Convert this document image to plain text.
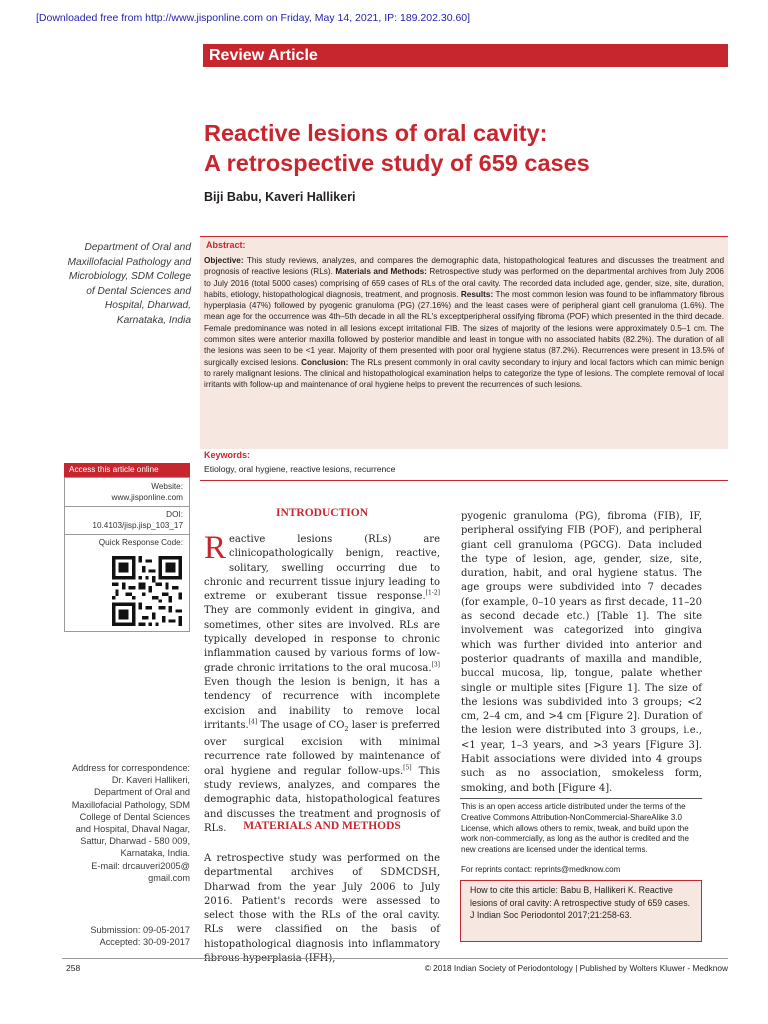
[Downloaded free from http://www.jisponline.com on Friday, May 14, 2021, IP: 189.202.30.60]
Review Article
Reactive lesions of oral cavity:
A retrospective study of 659 cases
Biji Babu, Kaveri Hallikeri
Department of Oral and Maxillofacial Pathology and Microbiology, SDM College of Dental Sciences and Hospital, Dharwad, Karnataka, India
Abstract:
Objective: This study reviews, analyzes, and compares the demographic data, histopathological features and discusses the treatment and prognosis of reactive lesions (RLs). Materials and Methods: Retrospective study was performed on the departmental archives from July 2006 to July 2016 (total 5000 cases) comprising of 659 cases of RLs of the oral cavity. The recorded data included age, gender, size, site, duration, habits, etiology, histopathological diagnosis, treatment, and prognosis. Results: The most common lesion was found to be inflammatory fibrous hyperplasia (47%) followed by pyogenic granuloma (PG) (27.16%) and the least cases were of peripheral giant cell granuloma (1.6%). The mean age for the occurrence was 4th–5th decade in all the RL's exceptperipheral ossifying fibroma (POF) which presented in the third decade. Female predominance was noted in all lesions except irritational FIB. The sizes of majority of the lesions were approximately 0.5–1 cm. The common sites were anterior maxilla followed by posterior mandible and least in tongue with no associated habits (82.2%). The duration of all the lesions was seen to be <1 year. Majority of them presented with poor oral hygiene status (87.2%). Recurrences were present in 13.5% of surgically excised lesions. Conclusion: The RLs present commonly in oral cavity secondary to injury and local factors which can mimic benign to rarely malignant lesions. The clinical and histopathological examination helps to categorize the type of lesions. The complete removal of local irritants with follow-up and maintenance of oral hygiene helps to prevent the recurrences of such lesions.
Keywords:
Etiology, oral hygiene, reactive lesions, recurrence
Access this article online
Website:
www.jisponline.com
DOI:
10.4103/jisp.jisp_103_17
Quick Response Code:
Address for correspondence:
Dr. Kaveri Hallikeri, Department of Oral and Maxillofacial Pathology, SDM College of Dental Sciences and Hospital, Dhaval Nagar, Sattur, Dharwad - 580 009, Karnataka, India.
E-mail: drcauveri2005@ gmail.com
Submission: 09-05-2017
Accepted: 30-09-2017
INTRODUCTION
Reactive lesions (RLs) are clinicopathologically benign, reactive, solitary, swelling occurring due to chronic and recurrent tissue injury leading to extreme or exuberant tissue response.[1-2] They are commonly evident in gingiva, and sometimes, other sites are involved. RLs are typically developed in response to chronic inflammation caused by various forms of low-grade chronic irritations to the oral mucosa.[3] Even though the lesion is benign, it has a tendency of recurrence with incomplete excision and inability to remove local irritants.[4] The usage of $CO_2$ laser is preferred over surgical excision with minimal recurrence rate followed by maintenance of oral hygiene and regular follow-ups.[5] This study reviews, analyzes, and compares the demographic data, histopathological features and discusses the treatment and prognosis of RLs.	MATERIALS AND METHODS
A retrospective study was performed on the departmental archives of SDMCDSH, Dharwad from the year July 2006 to July 2016. Patient's records were assessed to select those with the RLs of the oral cavity. RLs were classified on the basis of histopathological diagnosis into inflammatory
pyogenic granuloma (PG), fibroma (FIB), IF, peripheral ossifying FIB (POF), and peripheral giant cell granuloma (PGCG). Data included the type of lesion, age, gender, size, site, duration, habit, and oral hygiene status. The age groups were subdivided into 7 decades (for example, 0–10 years as first decade, 11–20 as second decade etc.) [Table 1]. The site involvement was categorized into gingiva which was further divided into anterior and posterior quadrants of maxilla and mandible, buccal mucosa, lip, tongue, palate whether single or multiple sites [Figure 1]. The size of the lesions was subdivided into 3 groups; <2 cm, 2–4 cm, and >4 cm [Figure 2]. Duration of the lesion were distributed into 3 groups, i.e., <1 year, 1–3 years, and >3 years [Figure 3]. Habit associations were divided into 4 groups such as no association, smokeless form, smoking, and both [Figure 4].
This is an open access article distributed under the terms of the Creative Commons Attribution-NonCommercial-ShareAlike 3.0 License, which allows others to remix, tweak, and build upon the work non-commercially, as long as the author is credited and the new creations are licensed under the identical terms.
For reprints contact: reprints@medknow.com
How to cite this article: Babu B, Hallikeri K. Reactive lesions of oral cavity: A retrospective study of 659 cases. J Indian Soc Periodontol 2017;21:258-63.
258	© 2018 Indian Society of Periodontology | Published by Wolters Kluwer - Medknow
